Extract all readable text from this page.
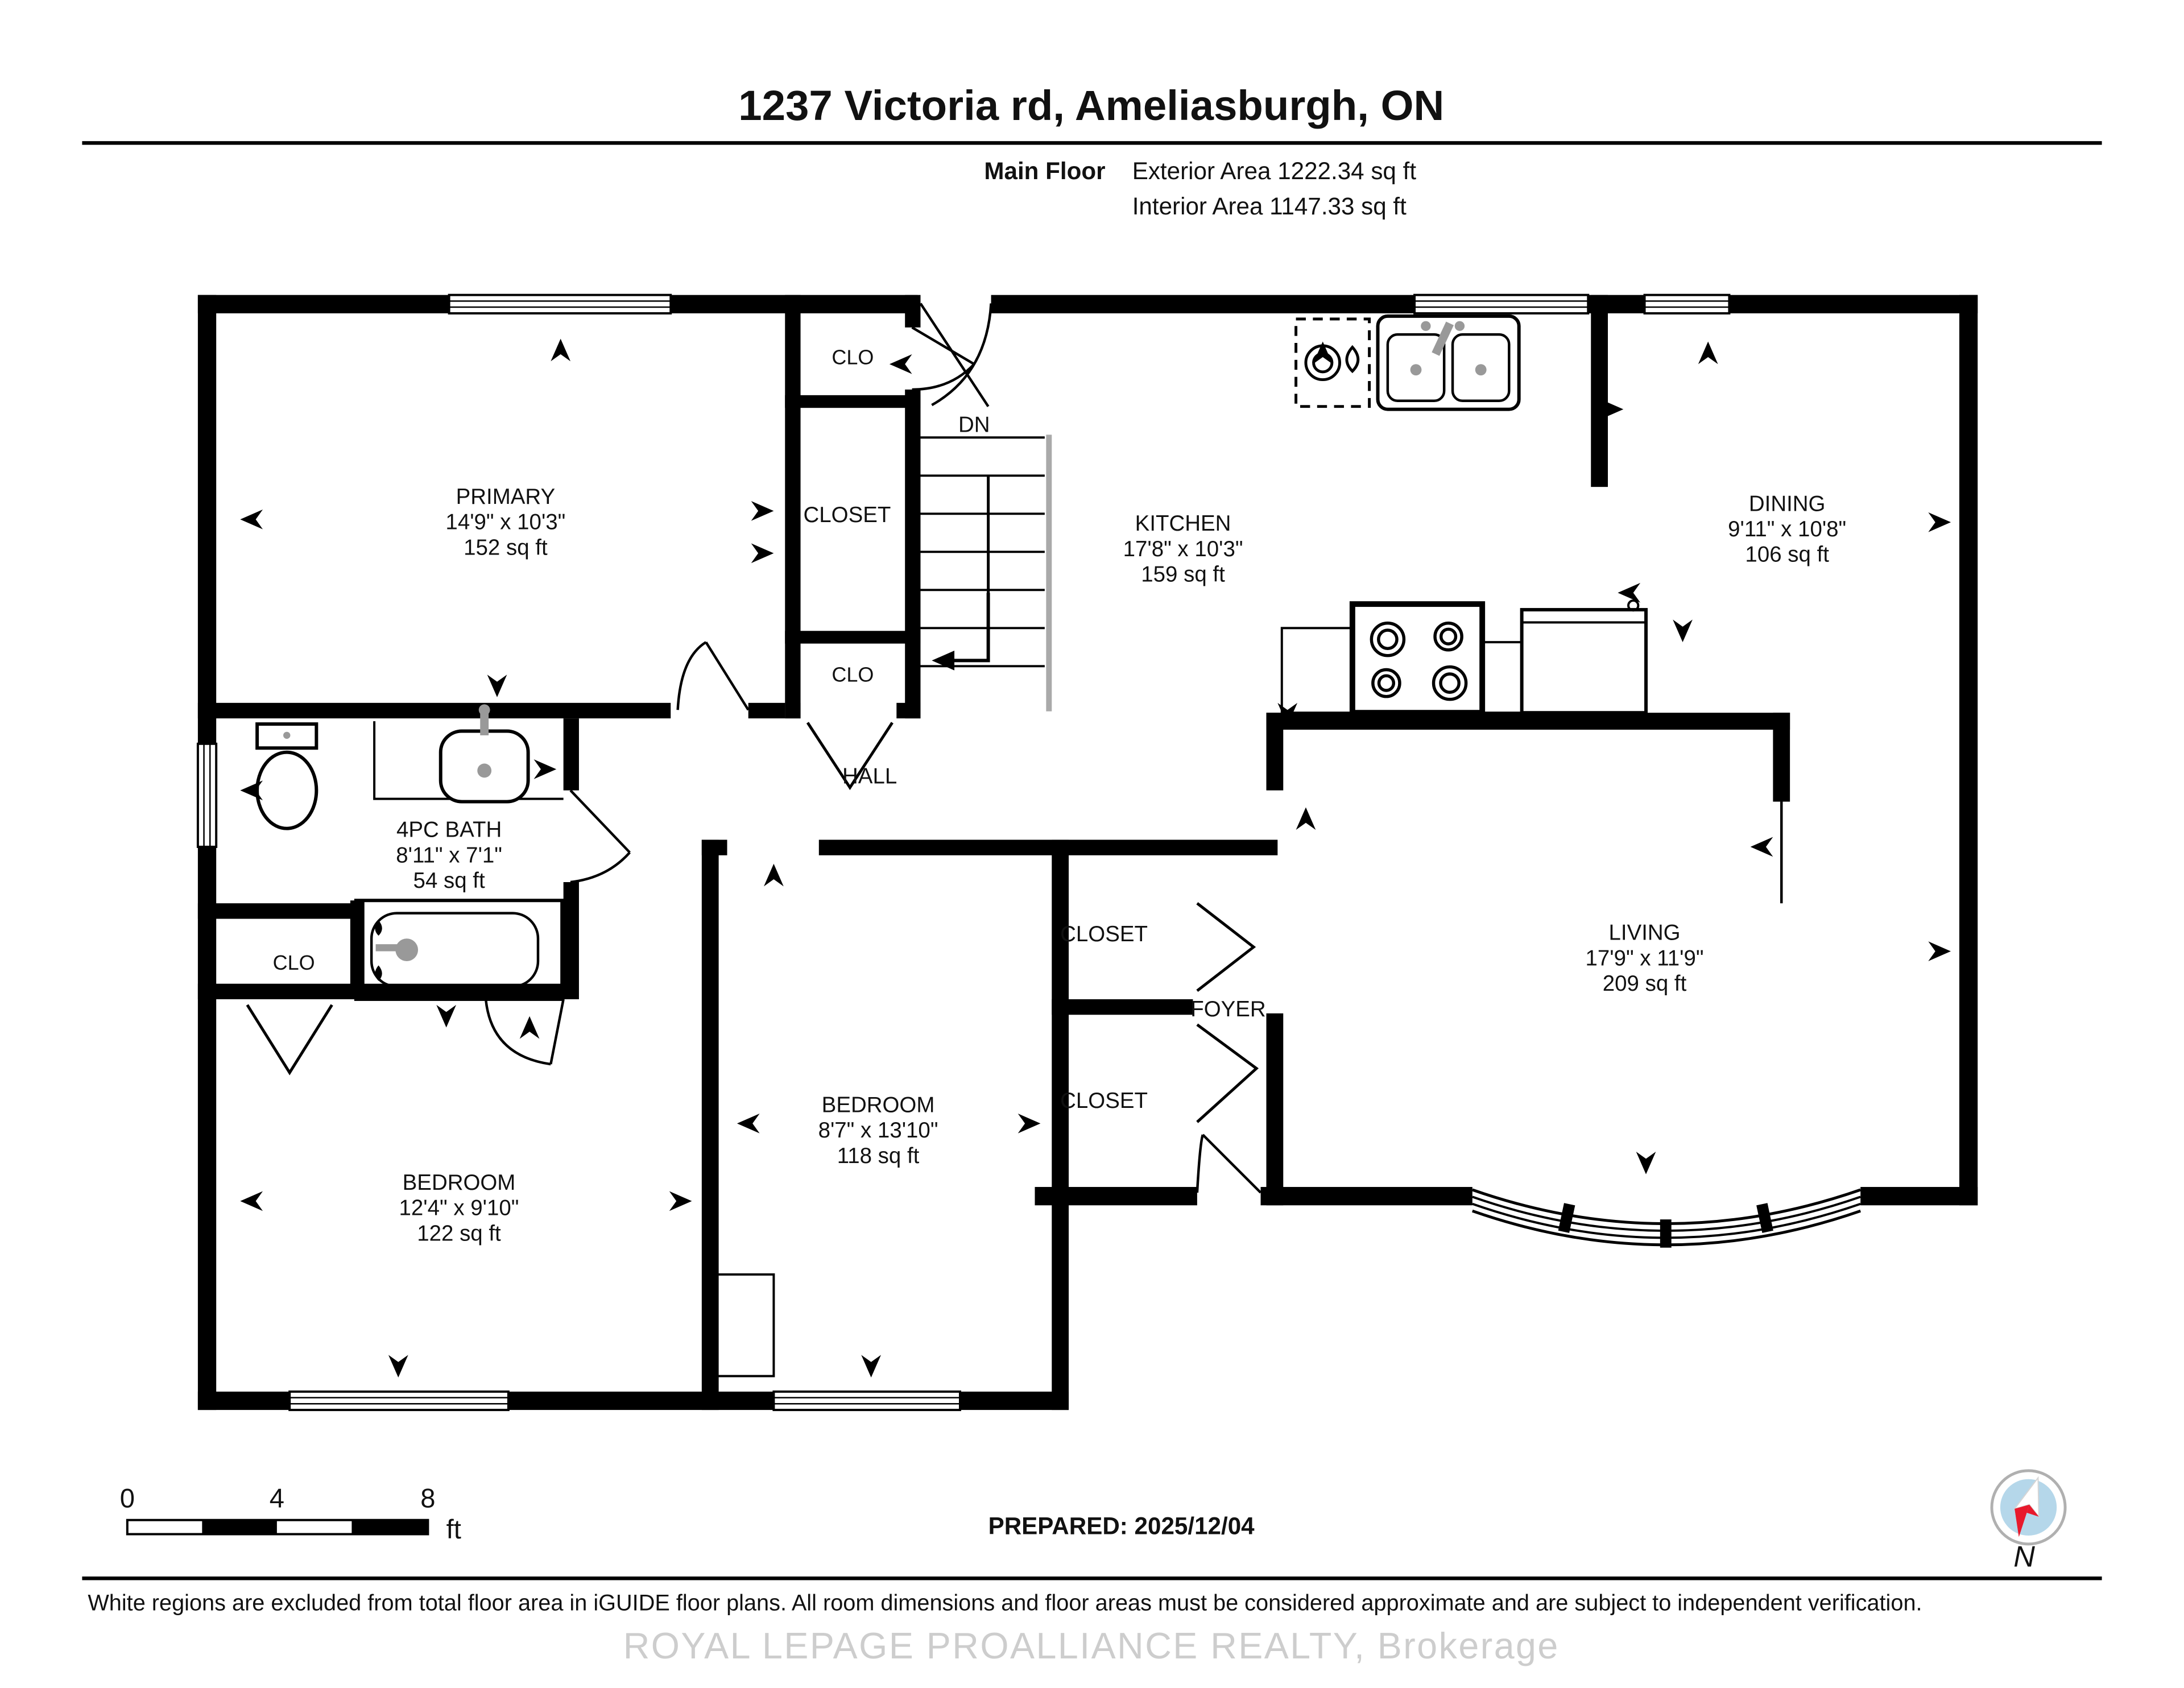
1237 Victoria rd, Ameliasburgh, ON
Main Floor	Exterior Area 1222.34 sq ft
Interior Area 1147.33 sq ft
PRIMARY
14'9" x 10'3"
152 sq ft
KITCHEN
17'8" x 10'3"
159 sq ft
DINING
9'11" x 10'8"
106 sq ft
LIVING
17'9" x 11'9"
209 sq ft
4PC BATH
8'11" x 7'1"
54 sq ft
BEDROOM
8'7" x 13'10"
118 sq ft
BEDROOM
12'4" x 9'10"
122 sq ft
CLO
CLOSET
CLO
DN
HALL
CLO
CLOSET
FOYER
CLOSET
0	4	8
ft	PREPARED: 2025/12/04
N
White regions are excluded from total floor area in iGUIDE floor plans. All room dimensions and floor areas must be considered approximate and are subject to independent verification.
ROYAL LEPAGE PROALLIANCE REALTY, Brokerage
